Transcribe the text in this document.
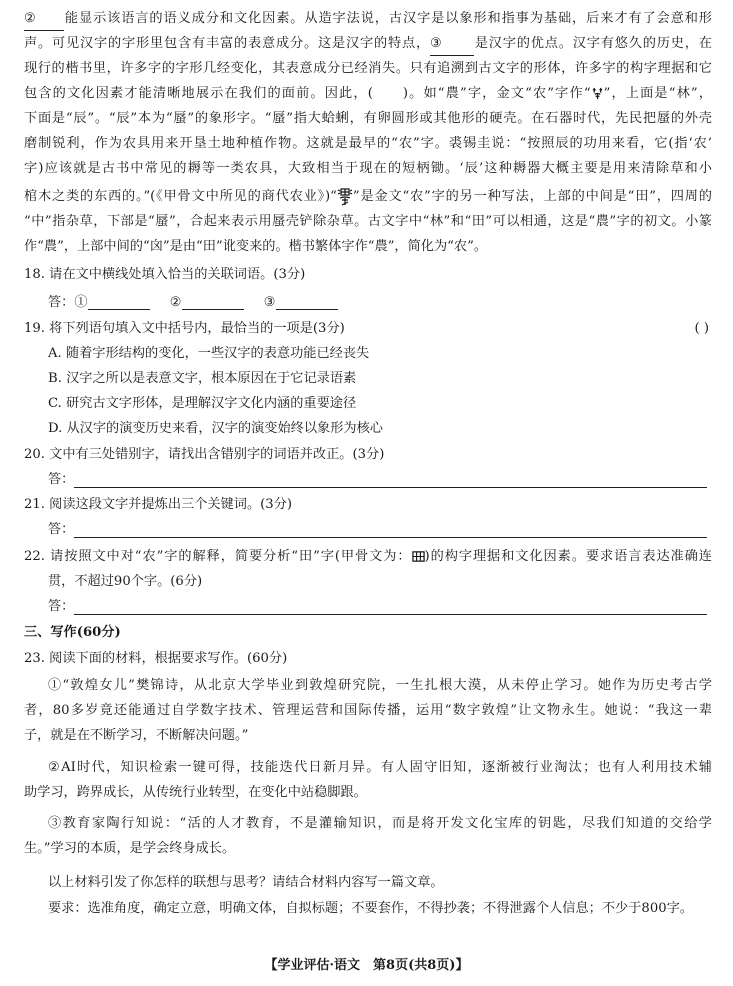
② 能显示该语言的语义成分和文化因素。从造字法说，古汉字是以象形和指事为基础，后来才有了会意和形
声。可见汉字的字形里包含有丰富的表意成分。这是汉字的特点，③ 是汉字的优点。汉字有悠久的历史，在
现行的楷书里，许多字的字形几经变化，其表意成分已经消失。只有追溯到古文字的形体，许多字的构字理据和它
包含的文化因素才能清晰地展示在我们的面前。因此，( )。如“農”字，金文“农”字作“ ”，上面是“林”，
下面是“辰”。“辰”本为“蜃”的象形字。“蜃”指大蛤蜊，有卵圆形或其他形的硬壳。在石器时代，先民把蜃的外壳
磨制锐利，作为农具用来开垦土地种植作物。这就是最早的“农”字。裘锡圭说：“按照辰的功用来看，它(指‘农’
字)应该就是古书中常见的耨等一类农具，大致相当于现在的短柄锄。‘辰’这种耨器大概主要是用来清除草和小
棺木之类的东西的。”(《甲骨文中所见的商代农业》)“ ”是金文“农”字的另一种写法，上部的中间是“田”，四周的
“中”指杂草，下部是“蜃”，合起来表示用蜃壳铲除杂草。古文字中“林”和“田”可以相通，这是“農”字的初文。小篆
作“農”，上部中间的“囟”是由“田”讹变来的。楷书繁体字作“農”，简化为“农”。
18. 请在文中横线处填入恰当的关联词语。(3分)
答：①	②	③
19. 将下列语句填入文中括号内，最恰当的一项是(3分)	( )
A. 随着字形结构的变化，一些汉字的表意功能已经丧失
B. 汉字之所以是表意文字，根本原因在于它记录语素
C. 研究古文字形体，是理解汉字文化内涵的重要途径
D. 从汉字的演变历史来看，汉字的演变始终以象形为核心
20. 文中有三处错别字，请找出含错别字的词语并改正。(3分)
答：
21. 阅读这段文字并提炼出三个关键词。(3分)
答：
22. 请按照文中对“农”字的解释，简要分析“田”字(甲骨文为： )的构字理据和文化因素。要求语言表达准确连
贯，不超过90个字。(6分)
答：
三、写作(60分)
23. 阅读下面的材料，根据要求写作。(60分)
①“敦煌女儿”樊锦诗，从北京大学毕业到敦煌研究院，一生扎根大漠，从未停止学习。她作为历史考古学
者，80多岁竟还能通过自学数字技术、管理运营和国际传播，运用“数字敦煌”让文物永生。她说：“我这一辈
子，就是在不断学习，不断解决问题。”
②AI时代，知识检索一键可得，技能迭代日新月异。有人固守旧知，逐渐被行业淘汰；也有人利用技术辅
助学习，跨界成长，从传统行业转型，在变化中站稳脚跟。
③教育家陶行知说：“活的人才教育，不是灌输知识，而是将开发文化宝库的钥匙，尽我们知道的交给学
生。”学习的本质，是学会终身成长。
以上材料引发了你怎样的联想与思考？请结合材料内容写一篇文章。
要求：选准角度，确定立意，明确文体，自拟标题；不要套作，不得抄袭；不得泄露个人信息；不少于800字。
【学业评估·语文　第8页(共8页)】
